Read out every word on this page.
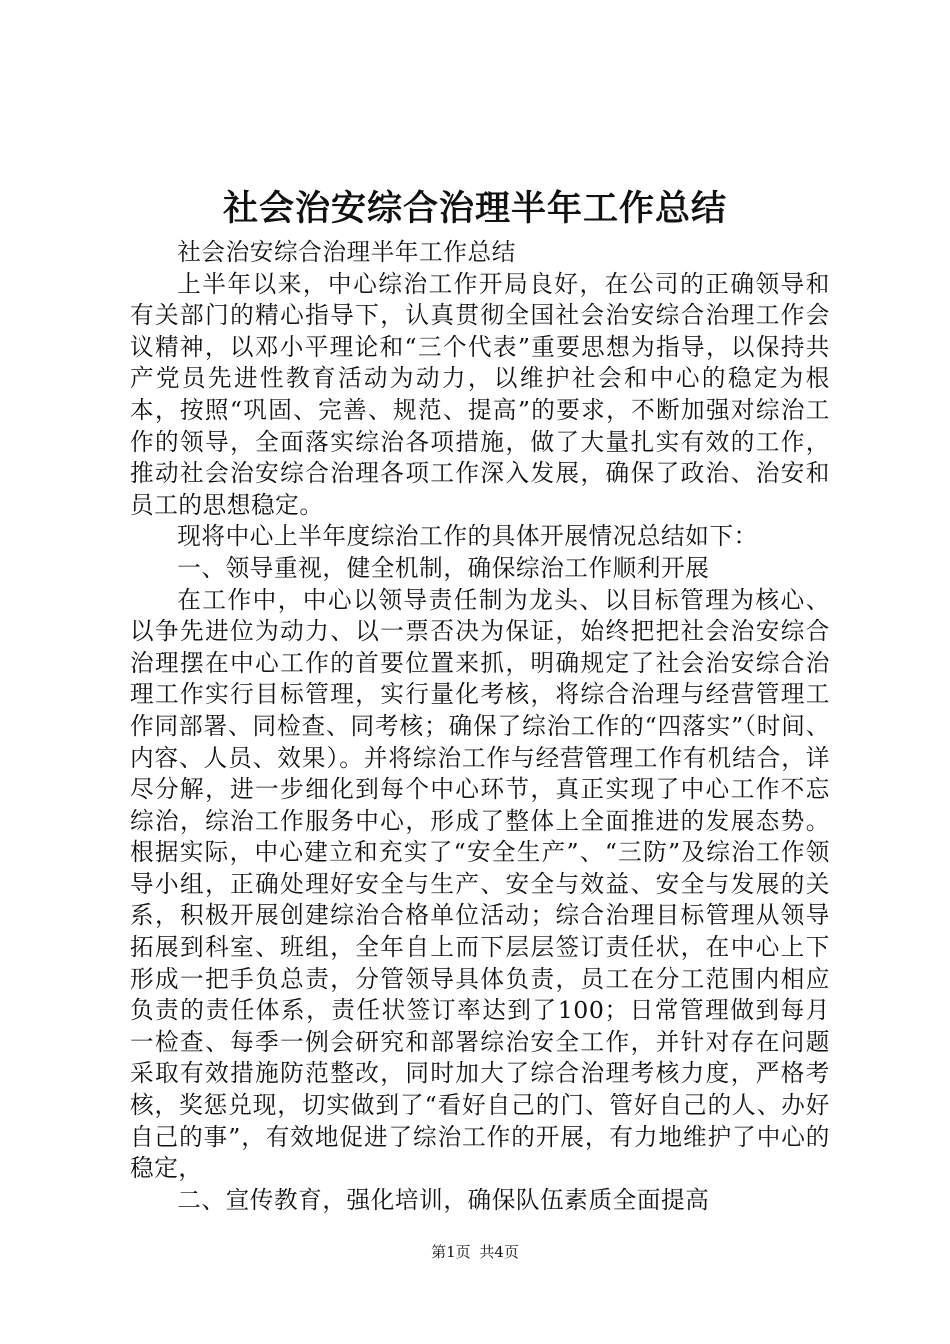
社会治安综合治理半年工作总结

社会治安综合治理半年工作总结

上半年以来，中心综治工作开局良好，在公司的正确领导和有关部门的精心指导下，认真贯彻全国社会治安综合治理工作会议精神，以邓小平理论和“三个代表”重要思想为指导，以保持共产党员先进性教育活动为动力，以维护社会和中心的稳定为根本，按照“巩固、完善、规范、提高”的要求，不断加强对综治工作的领导，全面落实综治各项措施，做了大量扎实有效的工作，推动社会治安综合治理各项工作深入发展，确保了政治、治安和员工的思想稳定。

现将中心上半年度综治工作的具体开展情况总结如下：

一、领导重视，健全机制，确保综治工作顺利开展

在工作中，中心以领导责任制为龙头、以目标管理为核心、以争先进位为动力、以一票否决为保证，始终把把社会治安综合治理摆在中心工作的首要位置来抓，明确规定了社会治安综合治理工作实行目标管理，实行量化考核，将综合治理与经营管理工作同部署、同检查、同考核；确保了综治工作的“四落实”（时间、内容、人员、效果）。并将综治工作与经营管理工作有机结合，详尽分解，进一步细化到每个中心环节，真正实现了中心工作不忘综治，综治工作服务中心，形成了整体上全面推进的发展态势。根据实际，中心建立和充实了“安全生产”、“三防”及综治工作领导小组，正确处理好安全与生产、安全与效益、安全与发展的关系，积极开展创建综治合格单位活动；综合治理目标管理从领导拓展到科室、班组，全年自上而下层层签订责任状，在中心上下形成一把手负总责，分管领导具体负责，员工在分工范围内相应负责的责任体系，责任状签订率达到了100；日常管理做到每月一检查、每季一例会研究和部署综治安全工作，并针对存在问题采取有效措施防范整改，同时加大了综合治理考核力度，严格考核，奖惩兑现，切实做到了“看好自己的门、管好自己的人、办好自己的事”，有效地促进了综治工作的开展，有力地维护了中心的稳定，

二、宣传教育，强化培训，确保队伍素质全面提高

第1页 共4页
